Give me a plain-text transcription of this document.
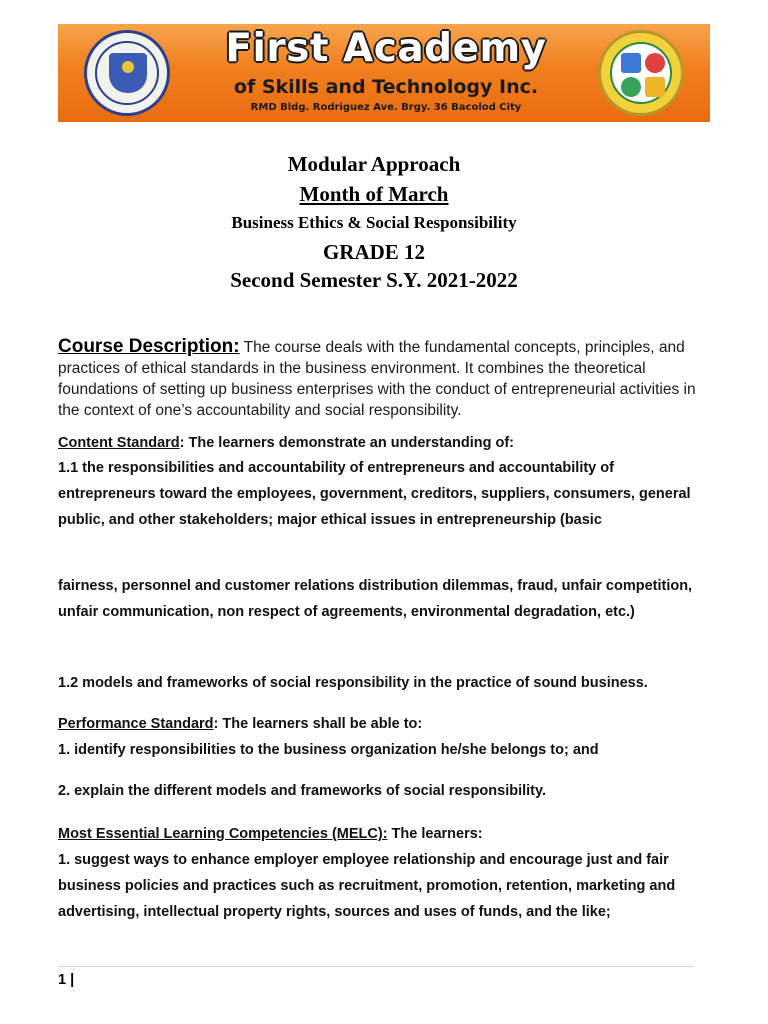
First Academy
of Skills and Technology Inc.
RMD Bldg. Rodriguez Ave. Brgy. 36 Bacolod City
Modular Approach
Month of March
Business Ethics & Social Responsibility
GRADE 12
Second Semester S.Y. 2021-2022

Course Description: The course deals with the fundamental concepts, principles, and practices of ethical standards in the business environment. It combines the theoretical foundations of setting up business enterprises with the conduct of entrepreneurial activities in the context of one’s accountability and social responsibility.

Content Standard: The learners demonstrate an understanding of:

1.1 the responsibilities and accountability of entrepreneurs and accountability of entrepreneurs toward the employees, government, creditors, suppliers, consumers, general public, and other stakeholders; major ethical issues in entrepreneurship (basic

fairness, personnel and customer relations distribution dilemmas, fraud, unfair competition, unfair communication, non respect of agreements, environmental degradation, etc.)

1.2 models and frameworks of social responsibility in the practice of sound business.

Performance Standard: The learners shall be able to:

1. identify responsibilities to the business organization he/she belongs to; and

2. explain the different models and frameworks of social responsibility.

Most Essential Learning Competencies (MELC): The learners:

1. suggest ways to enhance employer employee relationship and encourage just and fair business policies and practices such as recruitment, promotion, retention, marketing and advertising, intellectual property rights, sources and uses of funds, and the like;

1 |
